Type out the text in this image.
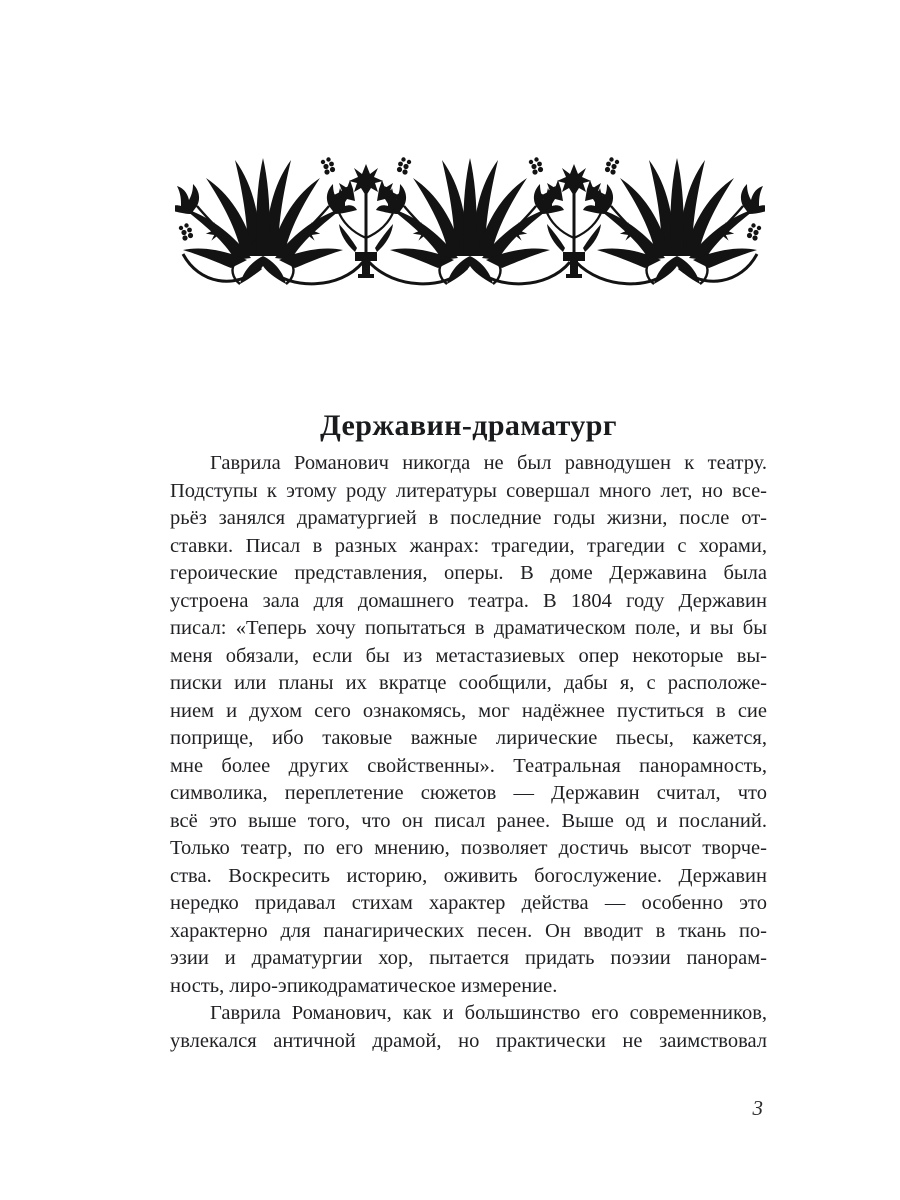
Державин-драматург
Гаврила Романович никогда не был равнодушен к театру.
Подступы к этому роду литературы совершал много лет, но все-
рьёз занялся драматургией в последние годы жизни, после от-
ставки. Писал в разных жанрах: трагедии, трагедии с хорами,
героические представления, оперы. В доме Державина была
устроена зала для домашнего театра. В 1804 году Державин
писал: «Теперь хочу попытаться в драматическом поле, и вы бы
меня обязали, если бы из метастазиевых опер некоторые вы-
писки или планы их вкратце сообщили, дабы я, с расположе-
нием и духом сего ознакомясь, мог надёжнее пуститься в сие
поприще, ибо таковые важные лирические пьесы, кажется,
мне более других свойственны». Театральная панорамность,
символика, переплетение сюжетов — Державин считал, что
всё это выше того, что он писал ранее. Выше од и посланий.
Только театр, по его мнению, позволяет достичь высот творче-
ства. Воскресить историю, оживить богослужение. Державин
нередко придавал стихам характер действа — особенно это
характерно для панагирических песен. Он вводит в ткань по-
эзии и драматургии хор, пытается придать поэзии панорам-
ность, лиро-эпикодраматическое измерение.
Гаврила Романович, как и большинство его современников,
увлекался античной драмой, но практически не заимствовал
3
